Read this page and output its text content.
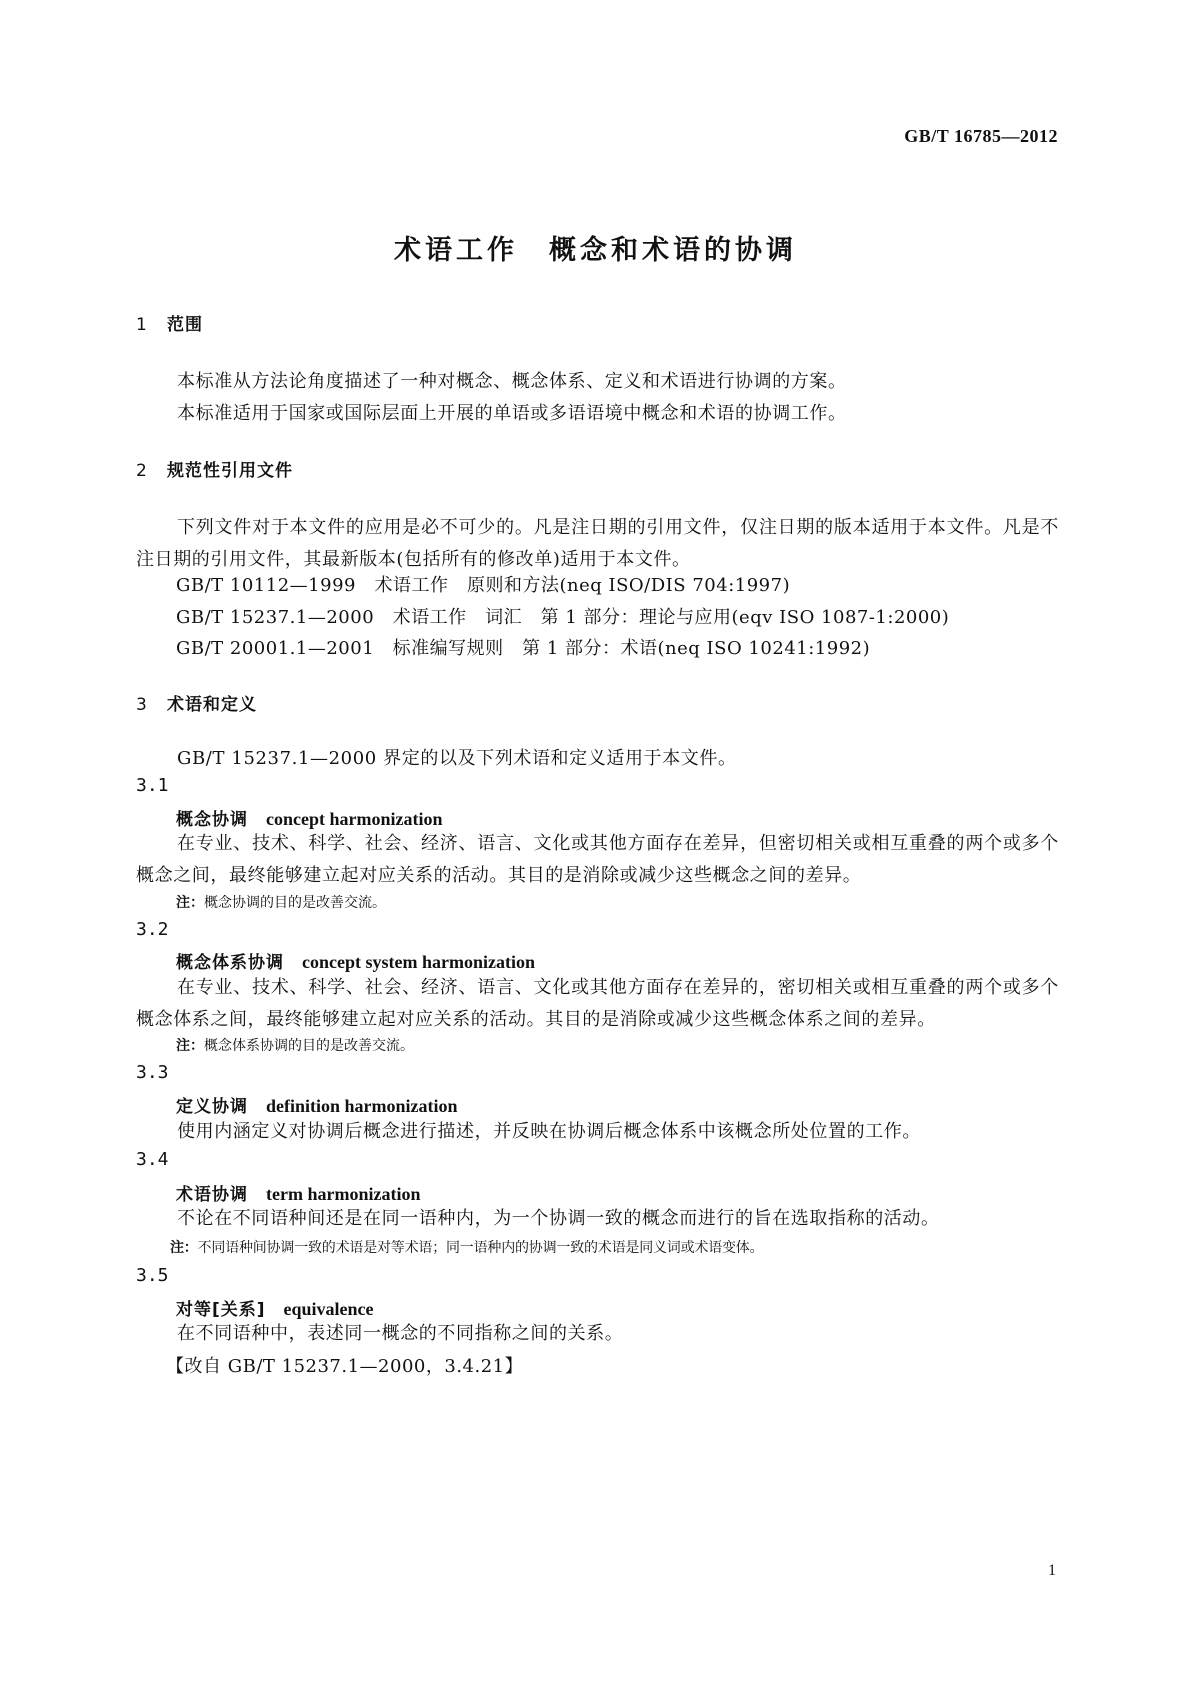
GB/T 16785—2012
术语工作　概念和术语的协调
1 范围
本标准从方法论角度描述了一种对概念、概念体系、定义和术语进行协调的方案。
本标准适用于国家或国际层面上开展的单语或多语语境中概念和术语的协调工作。
2 规范性引用文件
下列文件对于本文件的应用是必不可少的。凡是注日期的引用文件，仅注日期的版本适用于本文件。凡是不注日期的引用文件，其最新版本(包括所有的修改单)适用于本文件。
GB/T 10112—1999　术语工作　原则和方法(neq ISO/DIS 704:1997)
GB/T 15237.1—2000　术语工作　词汇　第 1 部分：理论与应用(eqv ISO 1087-1:2000)
GB/T 20001.1—2001　标准编写规则　第 1 部分：术语(neq ISO 10241:1992)
3 术语和定义
GB/T 15237.1—2000 界定的以及下列术语和定义适用于本文件。
3.1
概念协调 concept harmonization
在专业、技术、科学、社会、经济、语言、文化或其他方面存在差异，但密切相关或相互重叠的两个或多个概念之间，最终能够建立起对应关系的活动。其目的是消除或减少这些概念之间的差异。
注：概念协调的目的是改善交流。
3.2
概念体系协调 concept system harmonization
在专业、技术、科学、社会、经济、语言、文化或其他方面存在差异的，密切相关或相互重叠的两个或多个概念体系之间，最终能够建立起对应关系的活动。其目的是消除或减少这些概念体系之间的差异。
注：概念体系协调的目的是改善交流。
3.3
定义协调 definition harmonization
使用内涵定义对协调后概念进行描述，并反映在协调后概念体系中该概念所处位置的工作。
3.4
术语协调 term harmonization
不论在不同语种间还是在同一语种内，为一个协调一致的概念而进行的旨在选取指称的活动。
注：不同语种间协调一致的术语是对等术语；同一语种内的协调一致的术语是同义词或术语变体。
3.5
对等[关系] equivalence
在不同语种中，表述同一概念的不同指称之间的关系。
【改自 GB/T 15237.1—2000，3.4.21】
1
